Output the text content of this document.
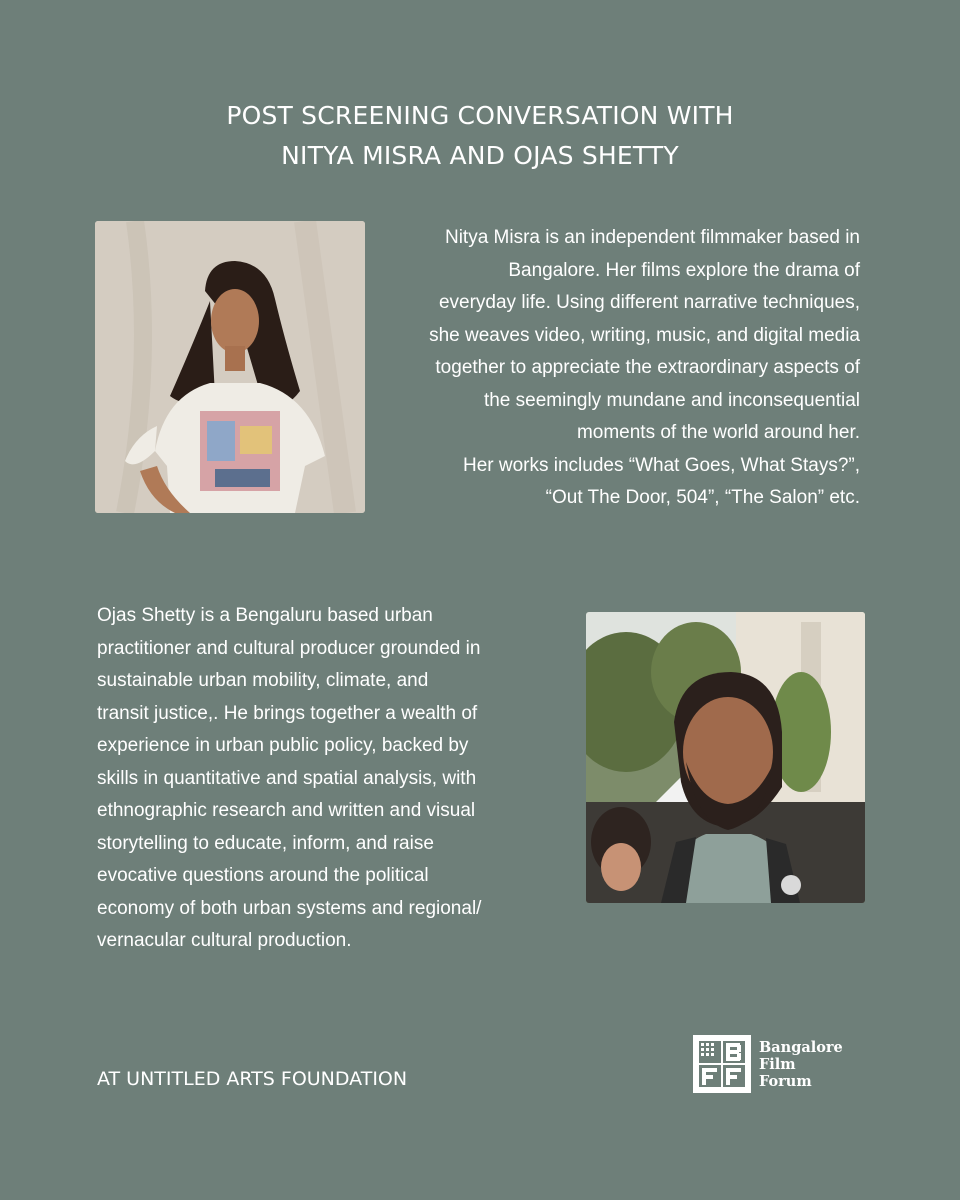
POST SCREENING CONVERSATION WITH
NITYA MISRA AND OJAS SHETTY
Nitya Misra is an independent filmmaker based in
Bangalore. Her films explore the drama of
everyday life. Using different narrative techniques,
she weaves video, writing, music, and digital media
together to appreciate the extraordinary aspects of
the seemingly mundane and inconsequential
moments of the world around her.
Her works includes “What Goes, What Stays?”,
“Out The Door, 504”, “The Salon” etc.
Ojas Shetty is a Bengaluru based urban
practitioner and cultural producer grounded in
sustainable urban mobility, climate, and
transit justice,. He brings together a wealth of
experience in urban public policy, backed by
skills in quantitative and spatial analysis, with
ethnographic research and written and visual
storytelling to educate, inform, and raise
evocative questions around the political
economy of both urban systems and regional/
vernacular cultural production.
AT UNTITLED ARTS FOUNDATION
Bangalore
Film
Forum
